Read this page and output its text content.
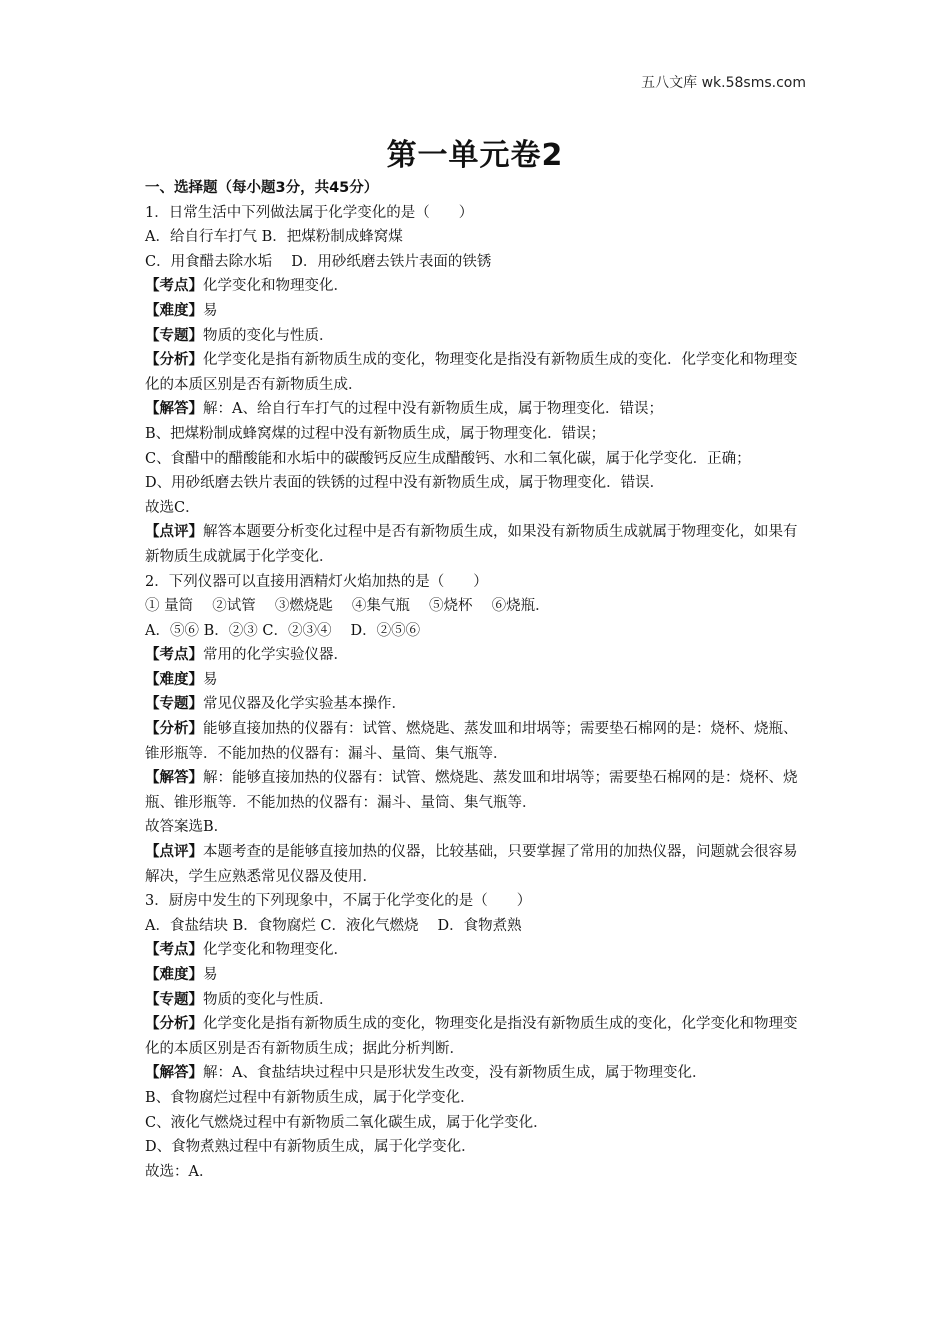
五八文库 wk.58sms.com
第一单元卷2
一、选择题（每小题3分，共45分）
1．日常生活中下列做法属于化学变化的是（　　）
A．给自行车打气 B．把煤粉制成蜂窝煤
C．用食醋去除水垢　 D．用砂纸磨去铁片表面的铁锈
【考点】化学变化和物理变化．
【难度】易
【专题】物质的变化与性质．
【分析】化学变化是指有新物质生成的变化，物理变化是指没有新物质生成的变化．化学变化和物理变化的本质区别是否有新物质生成．
【解答】解：A、给自行车打气的过程中没有新物质生成，属于物理变化．错误；
B、把煤粉制成蜂窝煤的过程中没有新物质生成，属于物理变化．错误；
C、食醋中的醋酸能和水垢中的碳酸钙反应生成醋酸钙、水和二氧化碳，属于化学变化．正确；
D、用砂纸磨去铁片表面的铁锈的过程中没有新物质生成，属于物理变化．错误．
故选C．
【点评】解答本题要分析变化过程中是否有新物质生成，如果没有新物质生成就属于物理变化，如果有新物质生成就属于化学变化．
2．下列仪器可以直接用酒精灯火焰加热的是（　　）
① 量筒　 ②试管　 ③燃烧匙　 ④集气瓶　 ⑤烧杯　 ⑥烧瓶．
A．⑤⑥ B．②③ C．②③④　 D．②⑤⑥
【考点】常用的化学实验仪器．
【难度】易
【专题】常见仪器及化学实验基本操作．
【分析】能够直接加热的仪器有：试管、燃烧匙、蒸发皿和坩埚等；需要垫石棉网的是：烧杯、烧瓶、锥形瓶等．不能加热的仪器有：漏斗、量筒、集气瓶等．
【解答】解：能够直接加热的仪器有：试管、燃烧匙、蒸发皿和坩埚等；需要垫石棉网的是：烧杯、烧瓶、锥形瓶等．不能加热的仪器有：漏斗、量筒、集气瓶等．
故答案选B．
【点评】本题考查的是能够直接加热的仪器，比较基础，只要掌握了常用的加热仪器，问题就会很容易解决，学生应熟悉常见仪器及使用．
3．厨房中发生的下列现象中，不属于化学变化的是（　　）
A．食盐结块 B．食物腐烂 C．液化气燃烧　 D．食物煮熟
【考点】化学变化和物理变化．
【难度】易
【专题】物质的变化与性质．
【分析】化学变化是指有新物质生成的变化，物理变化是指没有新物质生成的变化，化学变化和物理变化的本质区别是否有新物质生成；据此分析判断．
【解答】解：A、食盐结块过程中只是形状发生改变，没有新物质生成，属于物理变化．
B、食物腐烂过程中有新物质生成，属于化学变化．
C、液化气燃烧过程中有新物质二氧化碳生成，属于化学变化．
D、食物煮熟过程中有新物质生成，属于化学变化．
故选：A．
